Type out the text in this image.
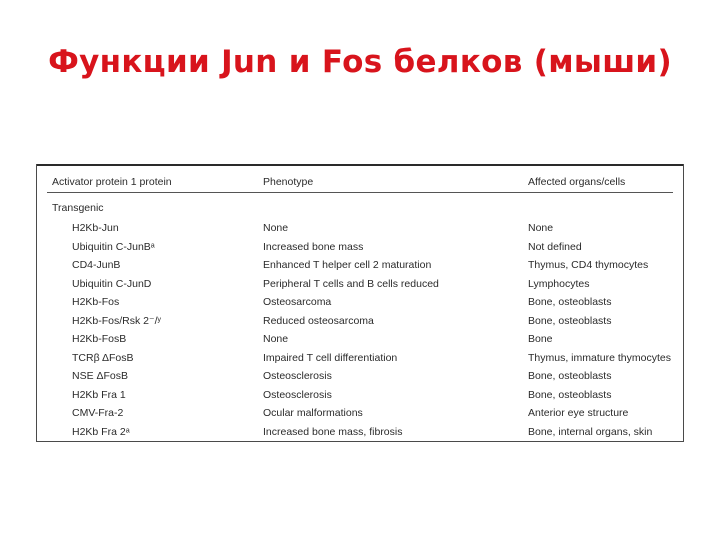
Функции Jun и Fos белков (мыши)
Activator protein 1 protein	Phenotype	Affected organs/cells
Transgenic
H2Kb-Jun	None	None
Ubiquitin C-JunBᵃ	Increased bone mass	Not defined
CD4-JunB	Enhanced T helper cell 2 maturation	Thymus, CD4 thymocytes
Ubiquitin C-JunD	Peripheral T cells and B cells reduced	Lymphocytes
H2Kb-Fos	Osteosarcoma	Bone, osteoblasts
H2Kb-Fos/Rsk 2⁻/ʸ	Reduced osteosarcoma	Bone, osteoblasts
H2Kb-FosB	None	Bone
TCRβ ΔFosB	Impaired T cell differentiation	Thymus, immature thymocytes
NSE ΔFosB	Osteosclerosis	Bone, osteoblasts
H2Kb Fra 1	Osteosclerosis	Bone, osteoblasts
CMV-Fra-2	Ocular malformations	Anterior eye structure
H2Kb Fra 2ᵃ	Increased bone mass, fibrosis	Bone, internal organs, skin
